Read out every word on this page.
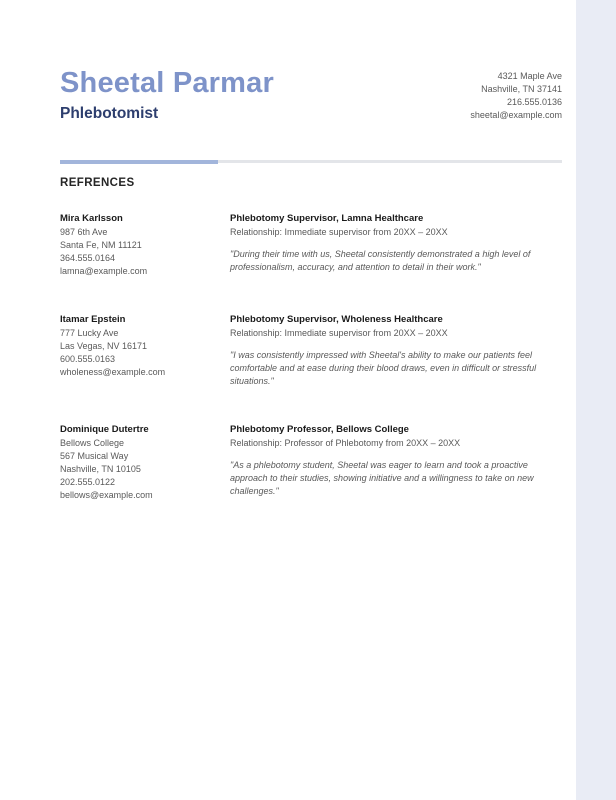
Sheetal Parmar
Phlebotomist
4321 Maple Ave
Nashville, TN 37141
216.555.0136
sheetal@example.com
REFRENCES
Mira Karlsson
987 6th Ave
Santa Fe, NM 11121
364.555.0164
lamna@example.com
Phlebotomy Supervisor, Lamna Healthcare
Relationship: Immediate supervisor from 20XX – 20XX
"During their time with us, Sheetal consistently demonstrated a high level of professionalism, accuracy, and attention to detail in their work."
Itamar Epstein
777 Lucky Ave
Las Vegas, NV 16171
600.555.0163
wholeness@example.com
Phlebotomy Supervisor, Wholeness Healthcare
Relationship: Immediate supervisor from 20XX – 20XX
"I was consistently impressed with Sheetal's ability to make our patients feel comfortable and at ease during their blood draws, even in difficult or stressful situations."
Dominique Dutertre
Bellows College
567 Musical Way
Nashville, TN 10105
202.555.0122
bellows@example.com
Phlebotomy Professor, Bellows College
Relationship: Professor of Phlebotomy from 20XX – 20XX
"As a phlebotomy student, Sheetal was eager to learn and took a proactive approach to their studies, showing initiative and a willingness to take on new challenges."
